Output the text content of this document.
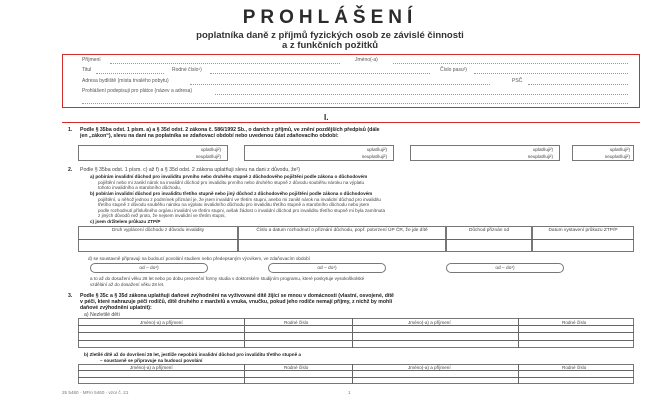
PROHLÁŠENÍ
poplatníka daně z příjmů fyzických osob ze závislé činnosti
a z funkčních požitků
Příjmení	Jméno(-a)
Titul	Rodné číslo¹)	Číslo pasu³)
Adresa bydliště (místa trvalého pobytu)	PSČ
Prohlášení podepisuji pro plátce (název a adresa)
I.
1. Podle § 35ba odst. 1 písm. a) a § 35d odst. 2 zákona č. 586/1992 Sb., o daních z příjmů, ve znění pozdějších předpisů (dále
jen „zákon“), slevu na dani na poplatníka se zdaňovací období nebo uvedenou část zdaňovacího období:
uplatňuji²)
neuplatňuji²)
uplatňuji²)
neuplatňuji²)
uplatňuji²)
neuplatňuji²)
uplatňuji²)
neuplatňuji²)
2. Podle § 35ba odst. 1 písm. c) až f) a § 35d odst. 2 zákona uplatňuji slevu na dani z důvodu, že²)
a) pobírám invalidní důchod pro invaliditu prvního nebo druhého stupně z důchodového pojištění podle zákona o důchodovém
pojištění nebo mi zanikl nárok na invalidní důchod pro invaliditu prvního nebo druhého stupně z důvodu souběhu nároku na výplatu
tohoto invalidního a starobního důchodu,
b) pobírám invalidní důchod pro invaliditu třetího stupně nebo jiný důchod z důchodového pojištění podle zákona o důchodovém
pojištění, u něhož jednou z podmínek přiznání je, že jsem invalidní ve třetím stupni, anebo mi zanikl nárok na invalidní důchod pro invaliditu
třetího stupně z důvodu souběhu nároku na výplatu invalidního důchodu pro invaliditu třetího stupně a starobního důchodu nebo jsem
podle rozhodnutí příslušného orgánu invalidní ve třetím stupni, avšak žádost o invalidní důchod pro invaliditu třetího stupně mi byla zamítnuta
z jiných důvodů než proto, že nejsem invalidní ve třetím stupni,
c) jsem držitelem průkazu ZTP/P
Druh vyplácení důchodu z důvodu invalidity	Číslo a datum rozhodnutí o přiznání důchodu, popř. potvrzení ÚP ČR, že jde dítě	Důchod přiznán od	Datum vystavení průkazu ZTP/P
d) se soustavně připravuji na budoucí povolání studiem nebo předepsaným výcvikem, ve zdaňovacím období
od – do¹)	od – do¹)	od – do¹)
a to až do dosažení věku 26 let nebo po dobu prezenční formy studia v doktorském studijním programu, které poskytuje vysokoškolské
vzdělání až do dosažení věku 28 let.
3. Podle § 35c a § 35d zákona uplatňuji daňové zvýhodnění na vyživované dítě žijící se mnou v domácnosti (vlastní, osvojené, dítě
v péči, které nahrazuje péči rodičů, dítě druhého z manželů a vnuka, vnučku, pokud jeho rodiče nemají příjmy, z nichž by mohli
daňové zvýhodnění uplatnit):
a) Nezletilé děti
Jméno(-a) a příjmení	Rodné číslo	Jméno(-a) a příjmení	Rodné číslo
b) Zletilé dítě až do dovršení 26 let, jestliže nepobírá invalidní důchod pro invaliditu třetího stupně a
– soustavně se připravuje na budoucí povolání
Jméno(-a) a příjmení	Rodné číslo	Jméno(-a) a příjmení	Rodné číslo
25 5460 · MFin 5460 · vzor č. 21	1
